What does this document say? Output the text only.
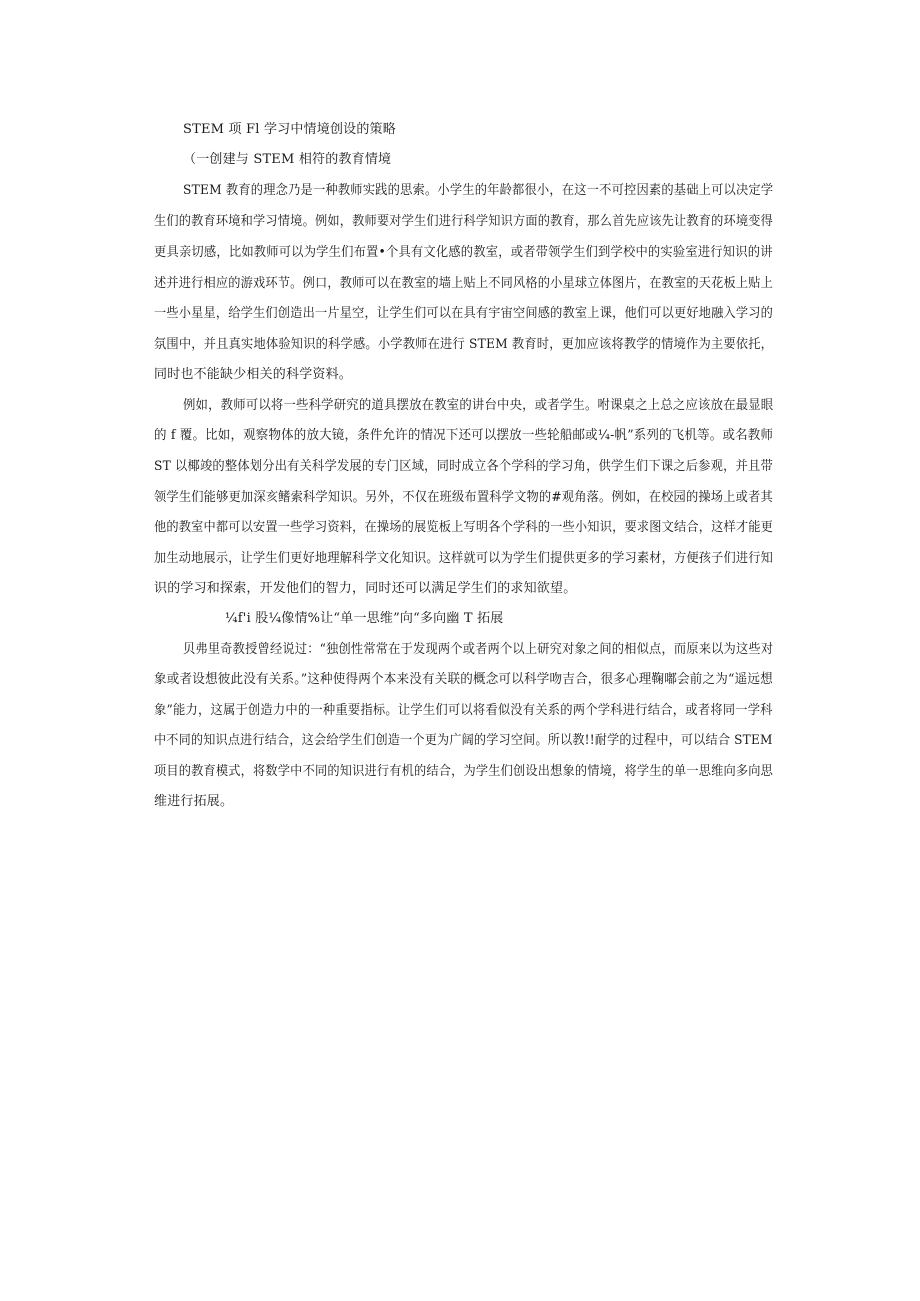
STEM 项 Fl 学习中情境创设的策略
（一创建与 STEM 相符的教育情境
STEM 教育的理念乃是一种教师实践的思索。小学生的年龄都很小，在这一不可控因素的基础上可以决定学
生们的教育环境和学习情境。例如，教师要对学生们进行科学知识方面的教育，那么首先应该先让教育的环境变得
更具亲切感，比如教师可以为学生们布置•个具有文化感的教室，或者带领学生们到学校中的实验室进行知识的讲
述并进行相应的游戏环节。例口，教师可以在教室的墙上贴上不同风格的小星球立体图片，在教室的天花板上贴上
一些小星星，给学生们创造出一片星空，让学生们可以在具有宇宙空间感的教室上课，他们可以更好地融入学习的
氛围中，并且真实地体验知识的科学感。小学教师在进行 STEM 教育时，更加应该将教学的情境作为主要依托，
同时也不能缺少相关的科学资料。
例如，教师可以将一些科学研究的道具摆放在教室的讲台中央，或者学生。咐课桌之上总之应该放在最显眼
的 f 覆。比如，观察物体的放大镜，条件允许的情况下还可以摆放一些轮船邮或¼-帆”系列的飞机等。或名教师
ST 以椰竣的整体划分出有关科学发展的专门区域，同时成立各个学科的学习角，供学生们下课之后参观，并且带
领学生们能够更加深亥鳍索科学知识。另外，不仅在班级布置科学文物的#观角落。例如，在校园的操场上或者其
他的教室中都可以安置一些学习资料，在操场的展览板上写明各个学科的一些小知识，要求图文结合，这样才能更
加生动地展示，让学生们更好地理解科学文化知识。这样就可以为学生们提供更多的学习素材，方便孩子们进行知
识的学习和探索，开发他们的智力，同时还可以满足学生们的求知欲望。
¼f'i 股¼像情%让“单一思维”向“多向幽 T 拓展
贝弗里奇教授曾经说过：“独创性常常在于发现两个或者两个以上研究对象之间的相似点，而原来以为这些对
象或者设想彼此没有关系。”这种使得两个本来没有关联的概念可以科学吻吉合，很多心理鞠嘟会前之为“遥远想
象”能力，这属于创造力中的一种重要指标。让学生们可以将看似没有关系的两个学科进行结合，或者将同一学科
中不同的知识点进行结合，这会给学生们创造一个更为广阔的学习空间。所以教!!耐学的过程中，可以结合 STEM
项目的教育模式，将数学中不同的知识进行有机的结合，为学生们创设出想象的情境，将学生的单一思维向多向思
维进行拓展。
